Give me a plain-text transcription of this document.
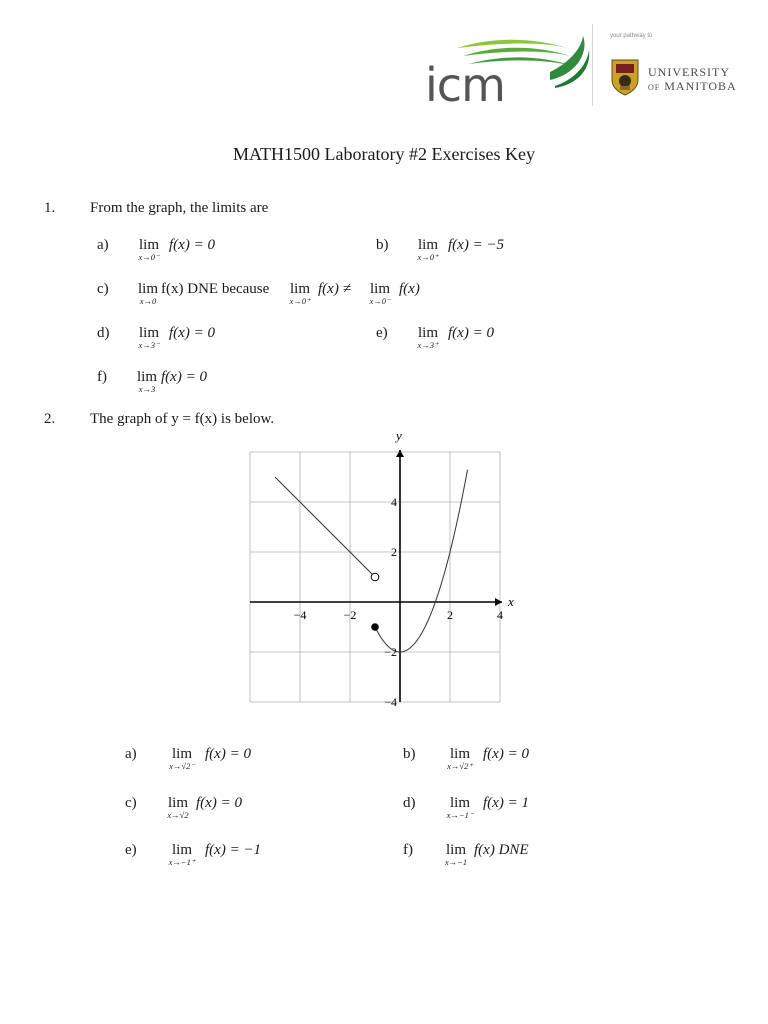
icm
your pathway to
UNIVERSITY
OF MANITOBA
MATH1500 Laboratory #2 Exercises Key
1. From the graph, the limits are
a)	lim
x→0⁻
f(x) = 0	b)	lim
x→0⁺
f(x) = −5
c)	lim
x→0
f(x) DNE because	lim
x→0⁺
f(x) ≠	lim
x→0⁻
f(x)
d)	lim
x→3⁻
f(x) = 0	e)	lim
x→3⁺
f(x) = 0
f)	lim
x→3
f(x) = 0
2. The graph of y = f(x) is below.
x
y
−4	−2	2	4
−4
−2
2
4
a)	lim
x→√2⁻
f(x) = 0	b)	lim
x→√2⁺
f(x) = 0
c)	lim
x→√2
f(x) = 0	d)	lim
x→−1⁻
f(x) = 1
e)	lim
x→−1⁺
f(x) = −1	f)	lim
x→−1
f(x) DNE
